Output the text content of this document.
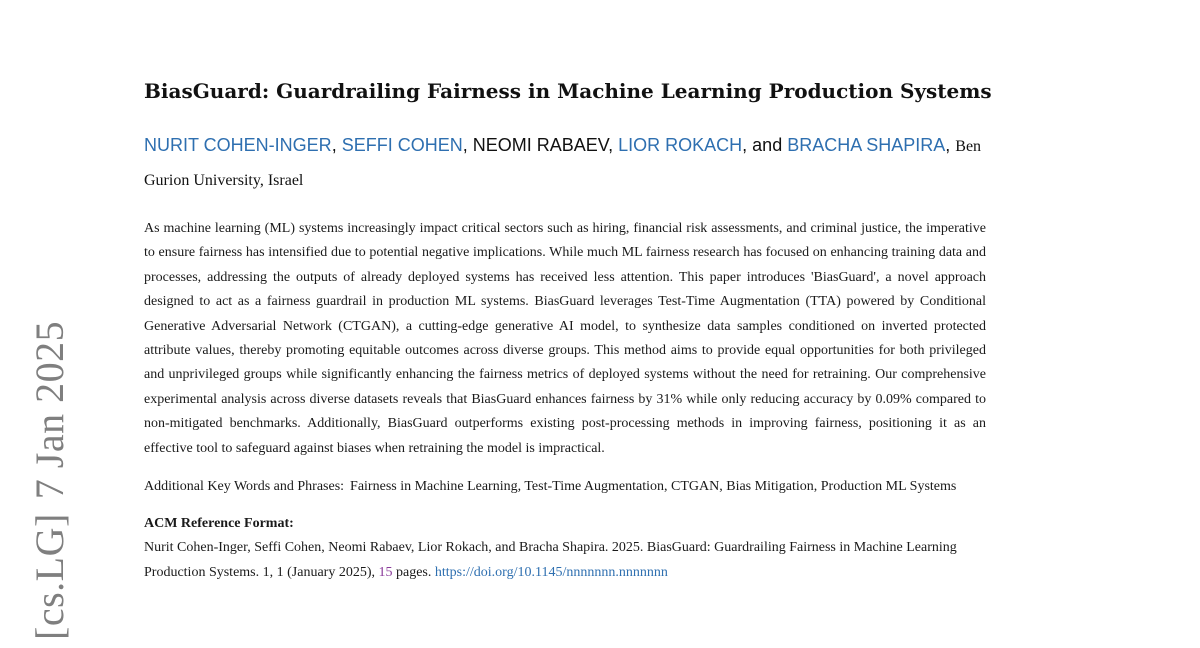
[cs.LG]7 Jan 2025
BiasGuard: Guardrailing Fairness in Machine Learning Production Systems
NURIT COHEN-INGER, SEFFI COHEN, NEOMI RABAEV, LIOR ROKACH, and BRACHA SHAPIRA, Ben Gurion University, Israel

As machine learning (ML) systems increasingly impact critical sectors such as hiring, financial risk assessments, and criminal justice, the imperative to ensure fairness has intensified due to potential negative implications. While much ML fairness research has focused on enhancing training data and processes, addressing the outputs of already deployed systems has received less attention. This paper introduces 'BiasGuard', a novel approach designed to act as a fairness guardrail in production ML systems. BiasGuard leverages Test-Time Augmentation (TTA) powered by Conditional Generative Adversarial Network (CTGAN), a cutting-edge generative AI model, to synthesize data samples conditioned on inverted protected attribute values, thereby promoting equitable outcomes across diverse groups. This method aims to provide equal opportunities for both privileged and unprivileged groups while significantly enhancing the fairness metrics of deployed systems without the need for retraining. Our comprehensive experimental analysis across diverse datasets reveals that BiasGuard enhances fairness by 31% while only reducing accuracy by 0.09% compared to non-mitigated benchmarks. Additionally, BiasGuard outperforms existing post-processing methods in improving fairness, positioning it as an effective tool to safeguard against biases when retraining the model is impractical.

Additional Key Words and Phrases: Fairness in Machine Learning, Test-Time Augmentation, CTGAN, Bias Mitigation, Production ML Systems
ACM Reference Format:
Nurit Cohen-Inger, Seffi Cohen, Neomi Rabaev, Lior Rokach, and Bracha Shapira. 2025. BiasGuard: Guardrailing Fairness in Machine Learning Production Systems. 1, 1 (January 2025), 15 pages. https://doi.org/10.1145/nnnnnnn.nnnnnnn
